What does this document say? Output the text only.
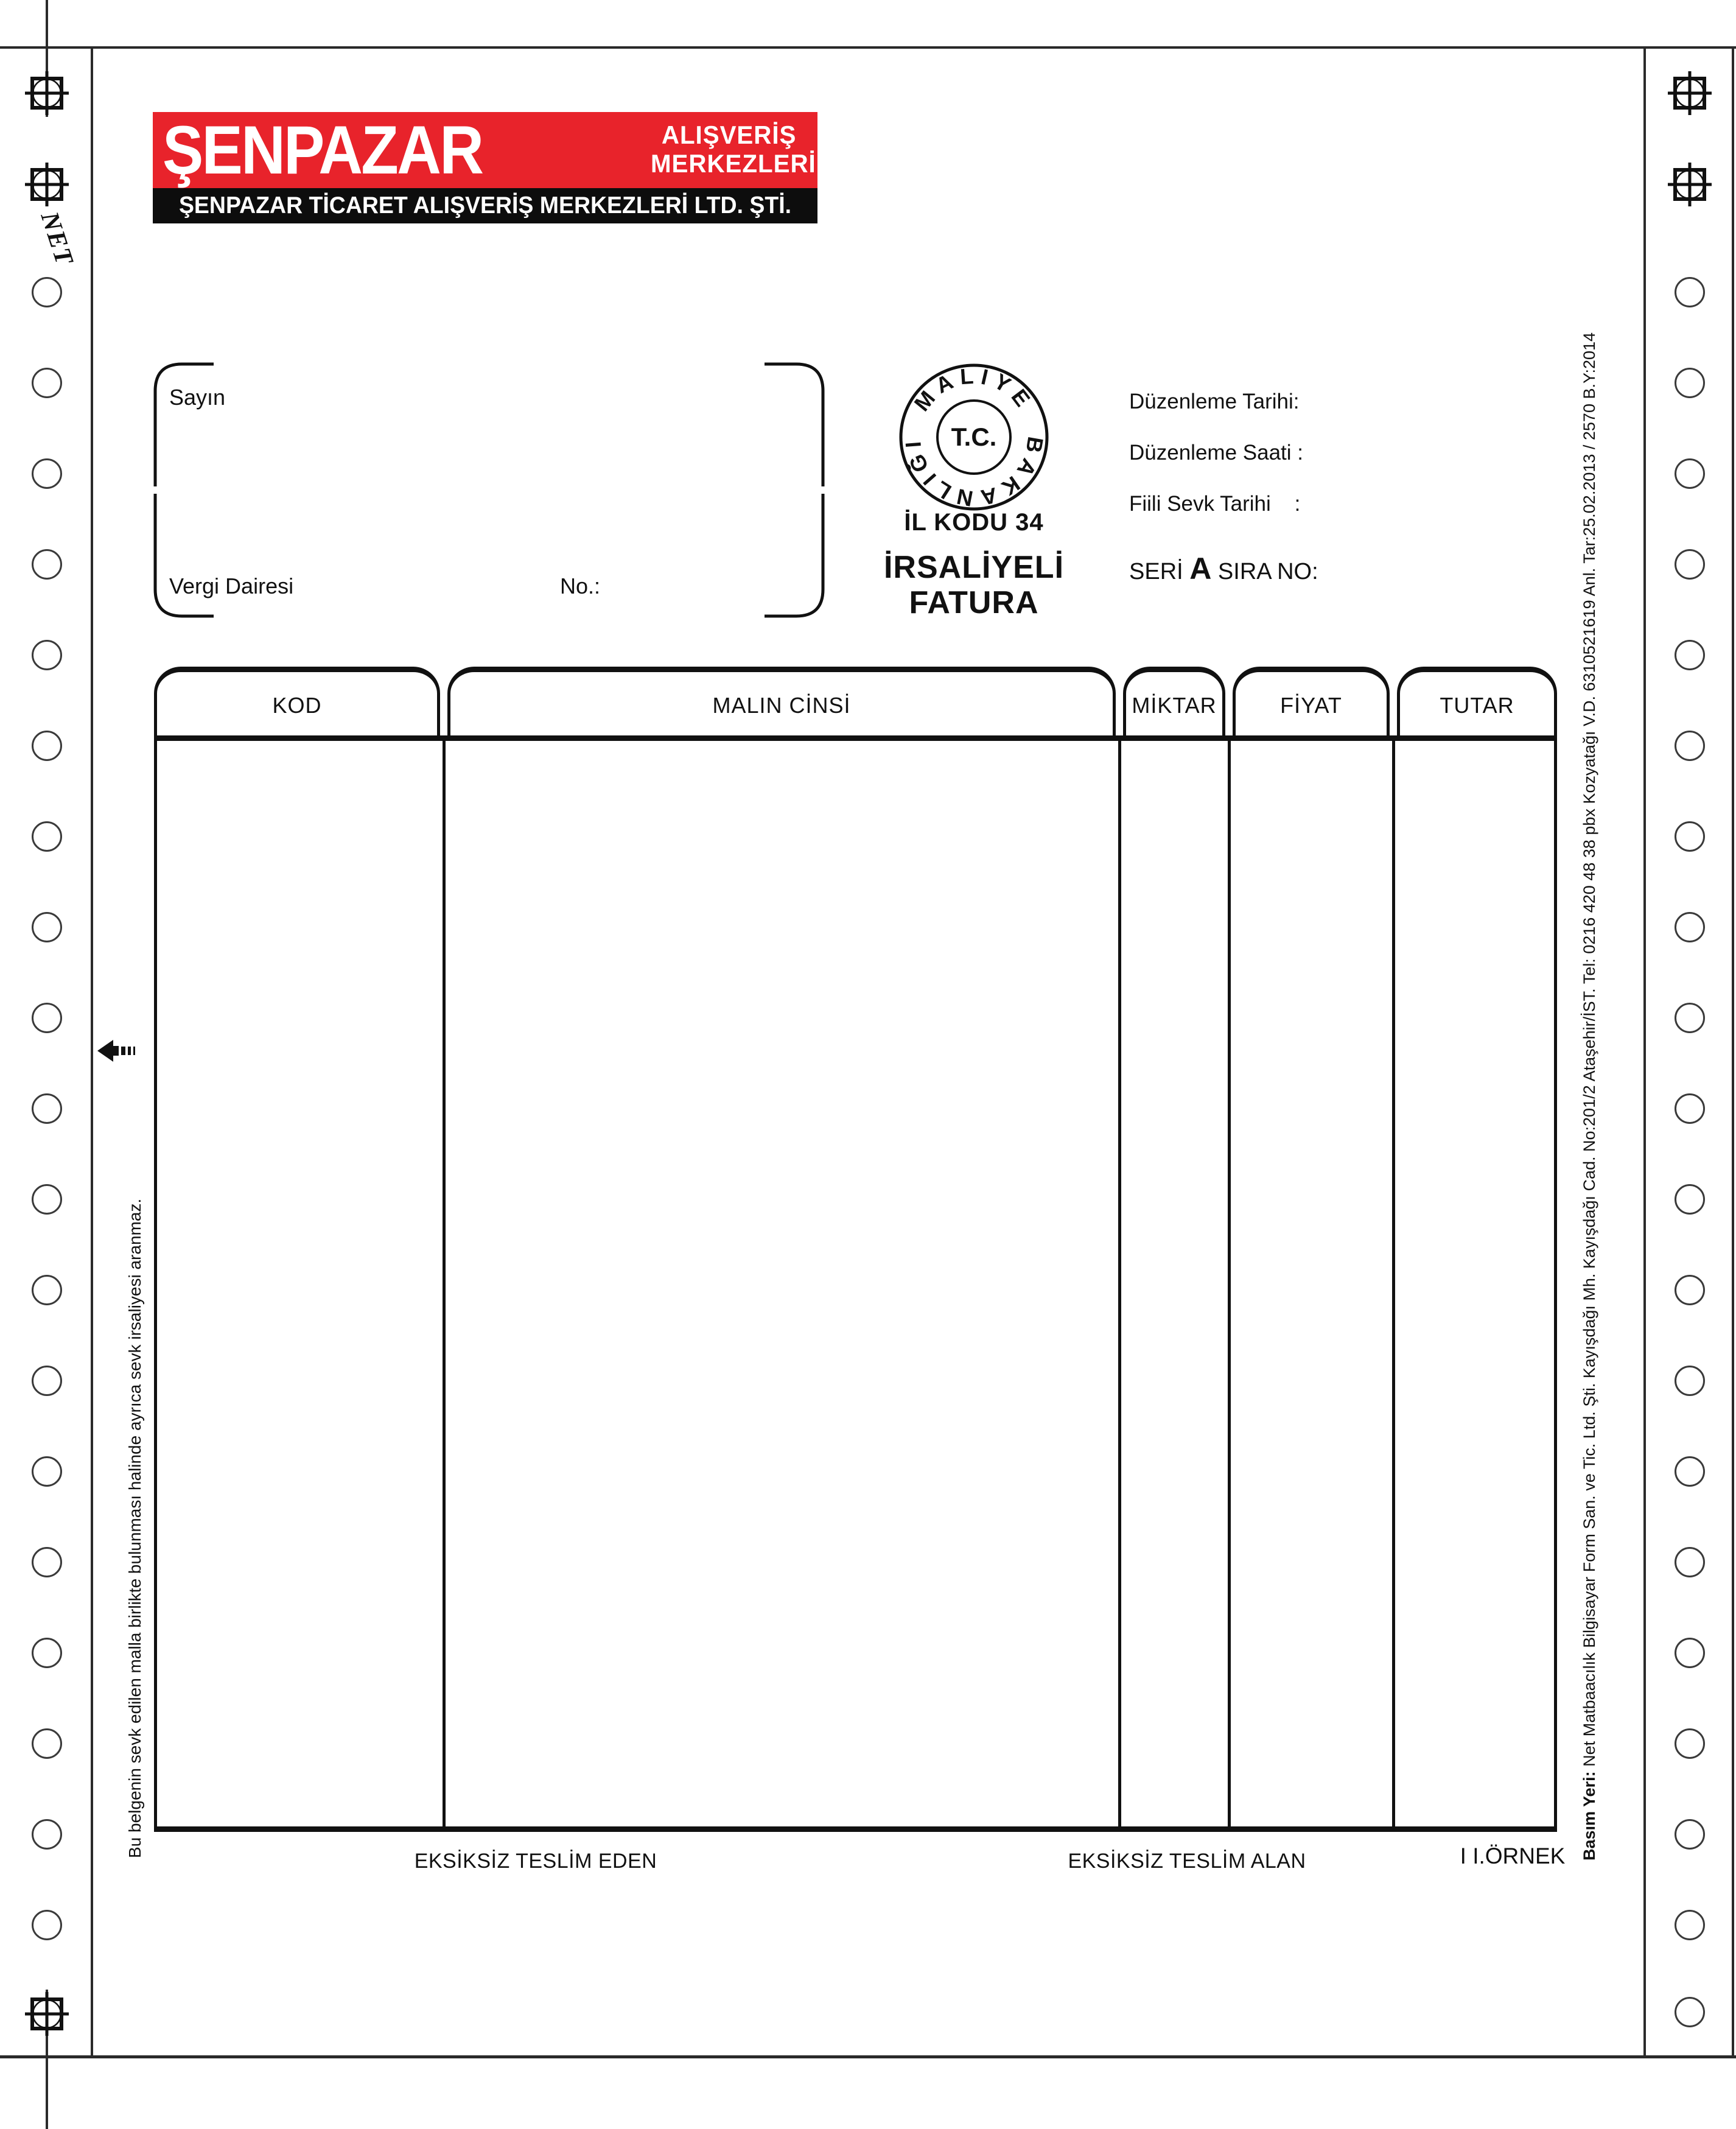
NET
ŞENPAZAR	ALIŞVERİŞ
MERKEZLERİ
ŞENPAZAR TİCARET ALIŞVERİŞ MERKEZLERİ LTD. ŞTİ.
Sayın
Vergi Dairesi	No.:
MALİYE
BAKANLIĞI T.C.
İL KODU 34
İRSALİYELİ
FATURA
Düzenleme Tarihi:
Düzenleme Saati :
Fiili Sevk Tarihi    :
SERİ A SIRA NO:
KOD	MALIN CİNSİ	MİKTAR	FİYAT	TUTAR
EKSİKSİZ TESLİM EDEN	EKSİKSİZ TESLİM ALAN	I I.ÖRNEK
Bu belgenin sevk edilen malla birlikte bulunması halinde ayrıca sevk irsaliyesi aranmaz.	Basım Yeri: Net Matbaacılık Bilgisayar Form San. ve Tic. Ltd. Şti. Kayışdağı Mh. Kayışdağı Cad. No:201/2 Ataşehir/İST. Tel: 0216 420 48 38 pbx Kozyatağı V.D. 6310521619 Anl. Tar:25.02.2013 / 2570 B.Y:2014
